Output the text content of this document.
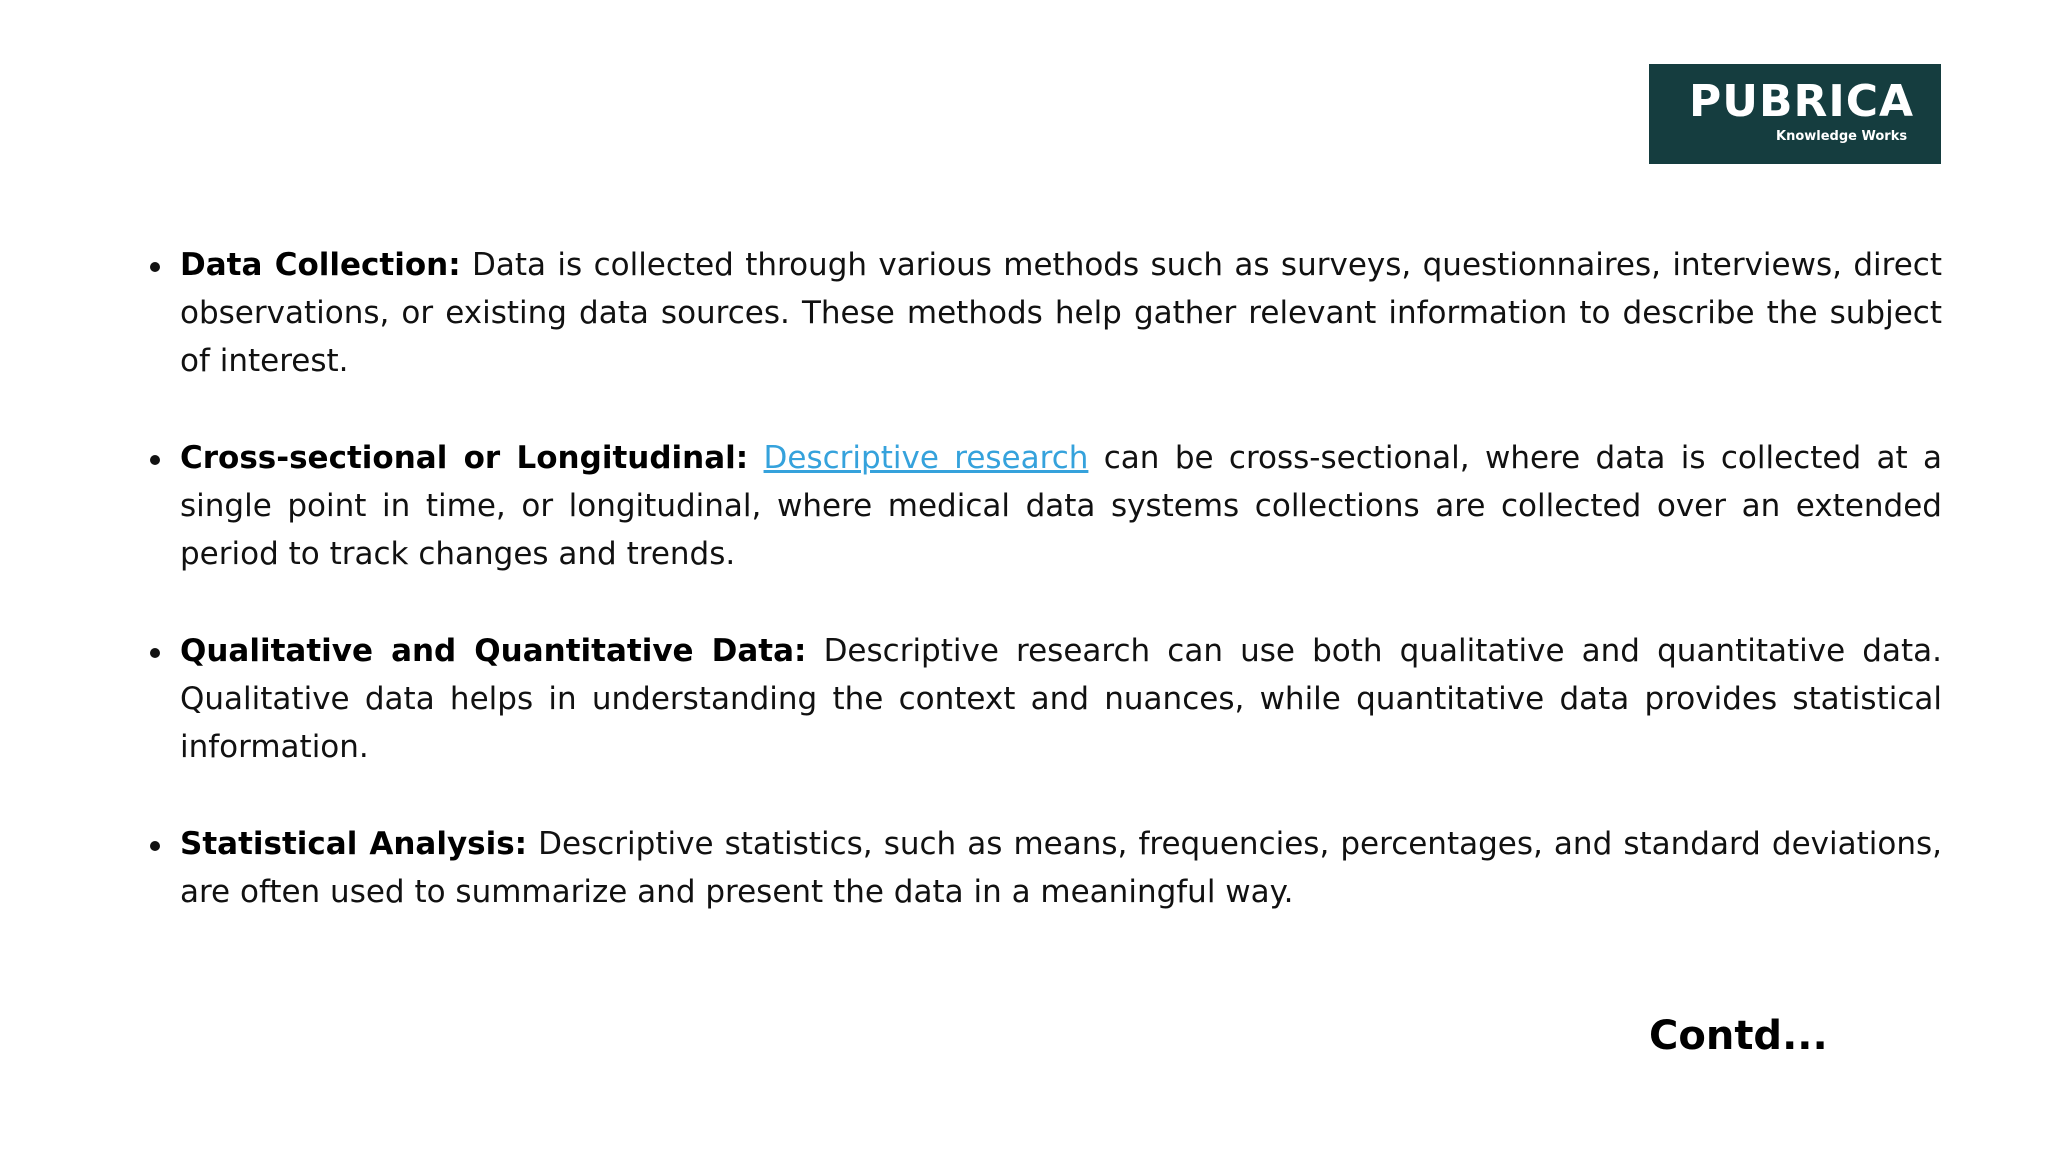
PUBRICA
Knowledge Works
Data Collection: Data is collected through various methods such as surveys, questionnaires, interviews, direct observations, or existing data sources. These methods help gather relevant information to describe the subject of interest.
Cross-sectional or Longitudinal: Descriptive research can be cross-sectional, where data is collected at a single point in time, or longitudinal, where medical data systems collections are collected over an extended period to track changes and trends.
Qualitative and Quantitative Data: Descriptive research can use both qualitative and quantitative data. Qualitative data helps in understanding the context and nuances, while quantitative data provides statistical information.
Statistical Analysis: Descriptive statistics, such as means, frequencies, percentages, and standard deviations, are often used to summarize and present the data in a meaningful way.
Contd...
